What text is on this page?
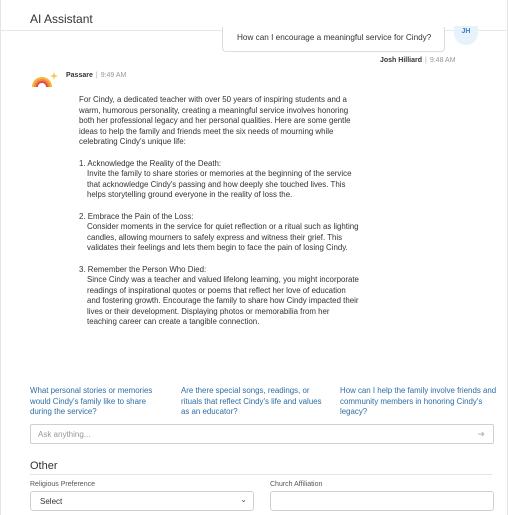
AI Assistant
How can I encourage a meaningful service for Cindy?
JH
Josh Hilliard | 9:48 AM
Passare | 9:49 AM

For Cindy, a dedicated teacher with over 50 years of inspiring students and a warm, humorous personality, creating a meaningful service involves honoring both her professional legacy and her personal qualities. Here are some gentle ideas to help the family and friends meet the six needs of mourning while celebrating Cindy's unique life:

1. Acknowledge the Reality of the Death:
Invite the family to share stories or memories at the beginning of the service that acknowledge Cindy's passing and how deeply she touched lives. This helps storytelling ground everyone in the reality of loss the.
2. Embrace the Pain of the Loss:
Consider moments in the service for quiet reflection or a ritual such as lighting candles, allowing mourners to safely express and witness their grief. This validates their feelings and lets them begin to face the pain of losing Cindy.
3. Remember the Person Who Died:
Since Cindy was a teacher and valued lifelong learning, you might incorporate readings of inspirational quotes or poems that reflect her love of education and fostering growth. Encourage the family to share how Cindy impacted their lives or their development. Displaying photos or memorabilia from her teaching career can create a tangible connection.
What personal stories or memories would Cindy's family like to share during the service?
Are there special songs, readings, or rituals that reflect Cindy's life and values as an educator?
How can I help the family involve friends and community members in honoring Cindy's legacy?
Ask anything...	➜
Other
Religious Preference	Church Affiliation
Select	⌄
